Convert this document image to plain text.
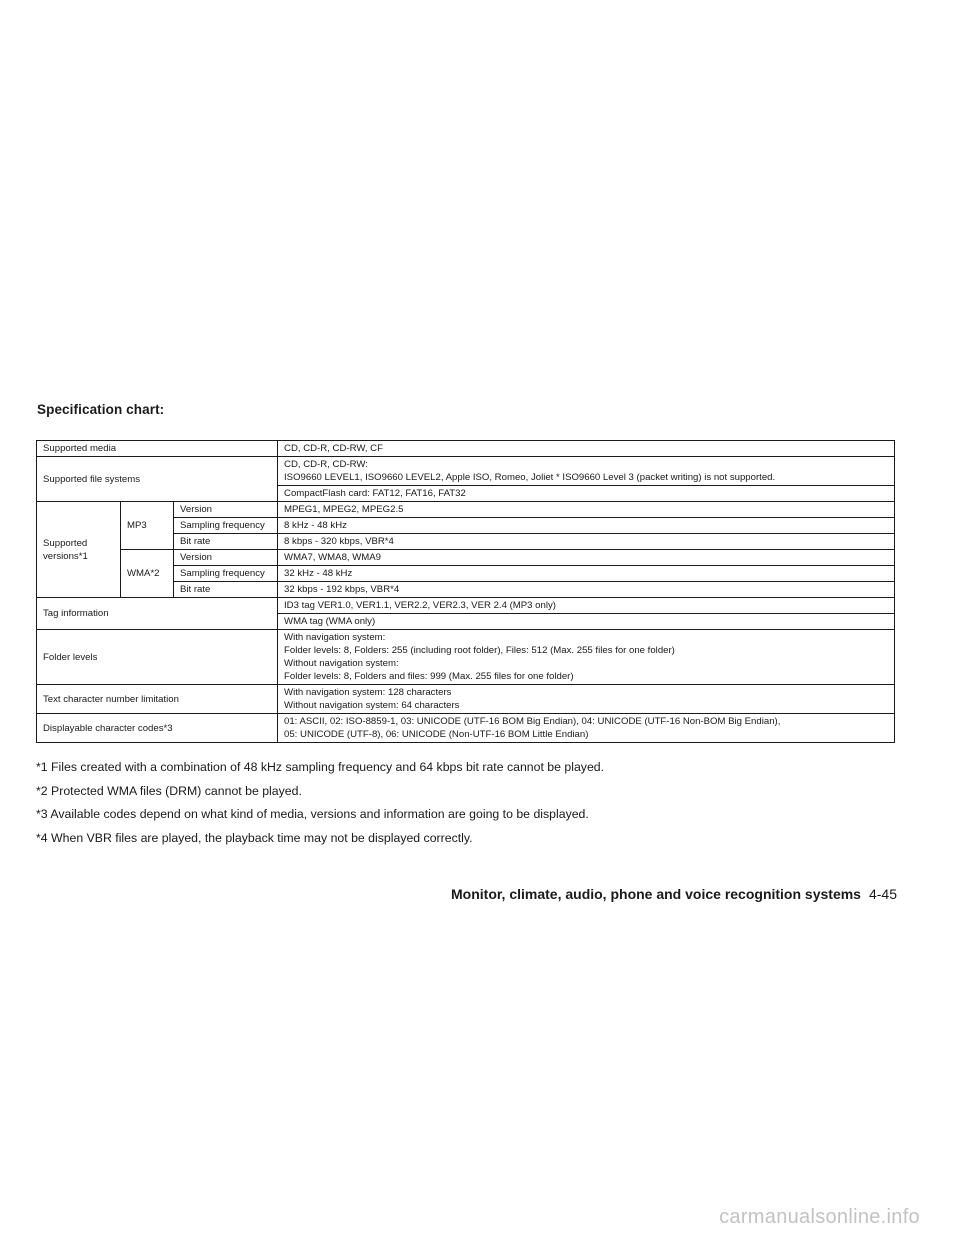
Specification chart:
Supported media			CD, CD-R, CD-RW, CF
Supported file systems			CD, CD-R, CD-RW:
ISO9660 LEVEL1, ISO9660 LEVEL2, Apple ISO, Romeo, Joliet * ISO9660 Level 3 (packet writing) is not supported.

			CompactFlash card: FAT12, FAT16, FAT32

Supported
versions*1	MP3	Version	MPEG1, MPEG2, MPEG2.5
		Sampling frequency	8 kHz - 48 kHz
		Bit rate	8 kbps - 320 kbps, VBR*4
	WMA*2	Version	WMA7, WMA8, WMA9
		Sampling frequency	32 kHz - 48 kHz
		Bit rate	32 kbps - 192 kbps, VBR*4
Tag information			ID3 tag VER1.0, VER1.1, VER2.2, VER2.3, VER 2.4 (MP3 only)
			WMA tag (WMA only)
Folder levels			With navigation system:
Folder levels: 8, Folders: 255 (including root folder), Files: 512 (Max. 255 files for one folder)
Without navigation system:
Folder levels: 8, Folders and files: 999 (Max. 255 files for one folder)

Text character number limitation			With navigation system: 128 characters
Without navigation system: 64 characters

Displayable character codes*3			01: ASCII, 02: ISO-8859-1, 03: UNICODE (UTF-16 BOM Big Endian), 04: UNICODE (UTF-16 Non-BOM Big Endian),
05: UNICODE (UTF-8), 06: UNICODE (Non-UTF-16 BOM Little Endian)

*1 Files created with a combination of 48 kHz sampling frequency and 64 kbps bit rate cannot be played.

*2 Protected WMA files (DRM) cannot be played.

*3 Available codes depend on what kind of media, versions and information are going to be displayed.

*4 When VBR files are played, the playback time may not be displayed correctly.

Monitor, climate, audio, phone and voice recognition systems 4-45
carmanualsonline.info
